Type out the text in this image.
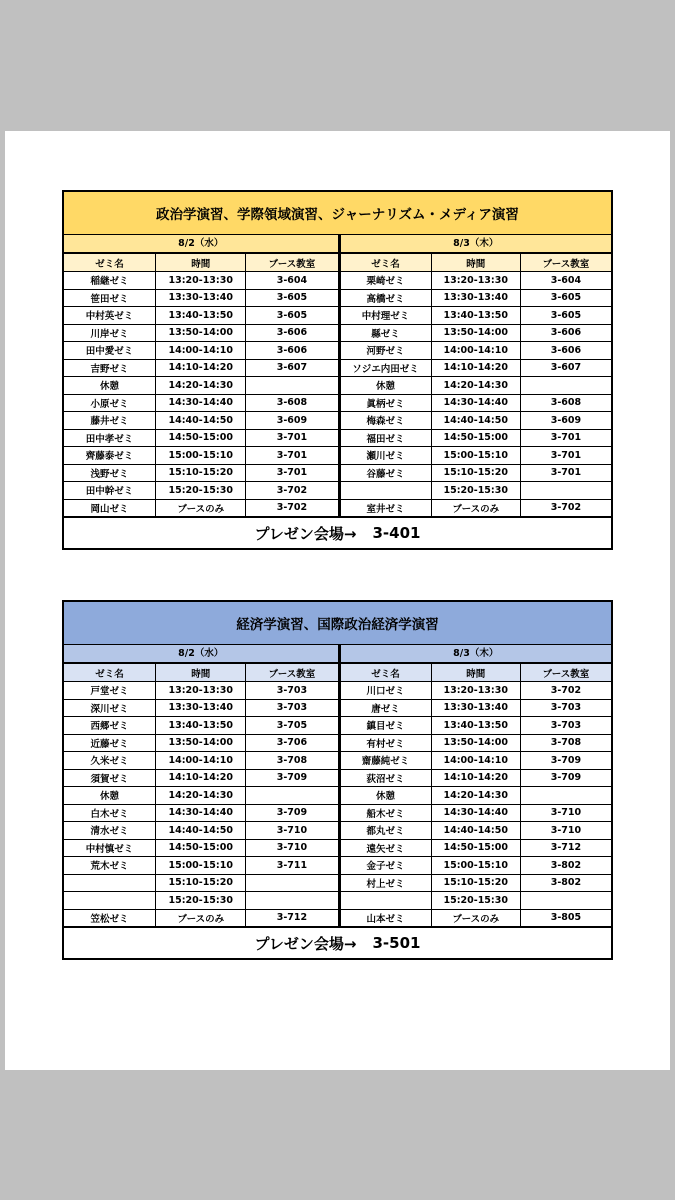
政治学演習、学際領域演習、ジャーナリズム・メディア演習
8/2（水）
ゼミ名	時間	ブース教室
稲継ゼミ	13:20-13:30	3-604
笹田ゼミ	13:30-13:40	3-605
中村英ゼミ	13:40-13:50	3-605
川岸ゼミ	13:50-14:00	3-606
田中愛ゼミ	14:00-14:10	3-606
吉野ゼミ	14:10-14:20	3-607
休憩	14:20-14:30	
小原ゼミ	14:30-14:40	3-608
藤井ゼミ	14:40-14:50	3-609
田中孝ゼミ	14:50-15:00	3-701
齊藤泰ゼミ	15:00-15:10	3-701
浅野ゼミ	15:10-15:20	3-701
田中幹ゼミ	15:20-15:30	3-702
岡山ゼミ	ブースのみ	3-702
8/3（木）
ゼミ名	時間	ブース教室
栗崎ゼミ	13:20-13:30	3-604
高橋ゼミ	13:30-13:40	3-605
中村理ゼミ	13:40-13:50	3-605
縣ゼミ	13:50-14:00	3-606
河野ゼミ	14:00-14:10	3-606
ソジエ内田ゼミ	14:10-14:20	3-607
休憩	14:20-14:30	
眞柄ゼミ	14:30-14:40	3-608
梅森ゼミ	14:40-14:50	3-609
福田ゼミ	14:50-15:00	3-701
瀬川ゼミ	15:00-15:10	3-701
谷藤ゼミ	15:10-15:20	3-701
	15:20-15:30	
室井ゼミ	ブースのみ	3-702
プレゼン会場→ 3-401
経済学演習、国際政治経済学演習
8/2（水）
ゼミ名	時間	ブース教室
戸堂ゼミ	13:20-13:30	3-703
深川ゼミ	13:30-13:40	3-703
西郷ゼミ	13:40-13:50	3-705
近藤ゼミ	13:50-14:00	3-706
久米ゼミ	14:00-14:10	3-708
須賀ゼミ	14:10-14:20	3-709
休憩	14:20-14:30	
白木ゼミ	14:30-14:40	3-709
清水ゼミ	14:40-14:50	3-710
中村慎ゼミ	14:50-15:00	3-710
荒木ゼミ	15:00-15:10	3-711
	15:10-15:20	
	15:20-15:30	
笠松ゼミ	ブースのみ	3-712
8/3（木）
ゼミ名	時間	ブース教室
川口ゼミ	13:20-13:30	3-702
唐ゼミ	13:30-13:40	3-703
鎮目ゼミ	13:40-13:50	3-703
有村ゼミ	13:50-14:00	3-708
齋藤純ゼミ	14:00-14:10	3-709
荻沼ゼミ	14:10-14:20	3-709
休憩	14:20-14:30	
船木ゼミ	14:30-14:40	3-710
都丸ゼミ	14:40-14:50	3-710
遠矢ゼミ	14:50-15:00	3-712
金子ゼミ	15:00-15:10	3-802
村上ゼミ	15:10-15:20	3-802
	15:20-15:30	
山本ゼミ	ブースのみ	3-805
プレゼン会場→ 3-501
